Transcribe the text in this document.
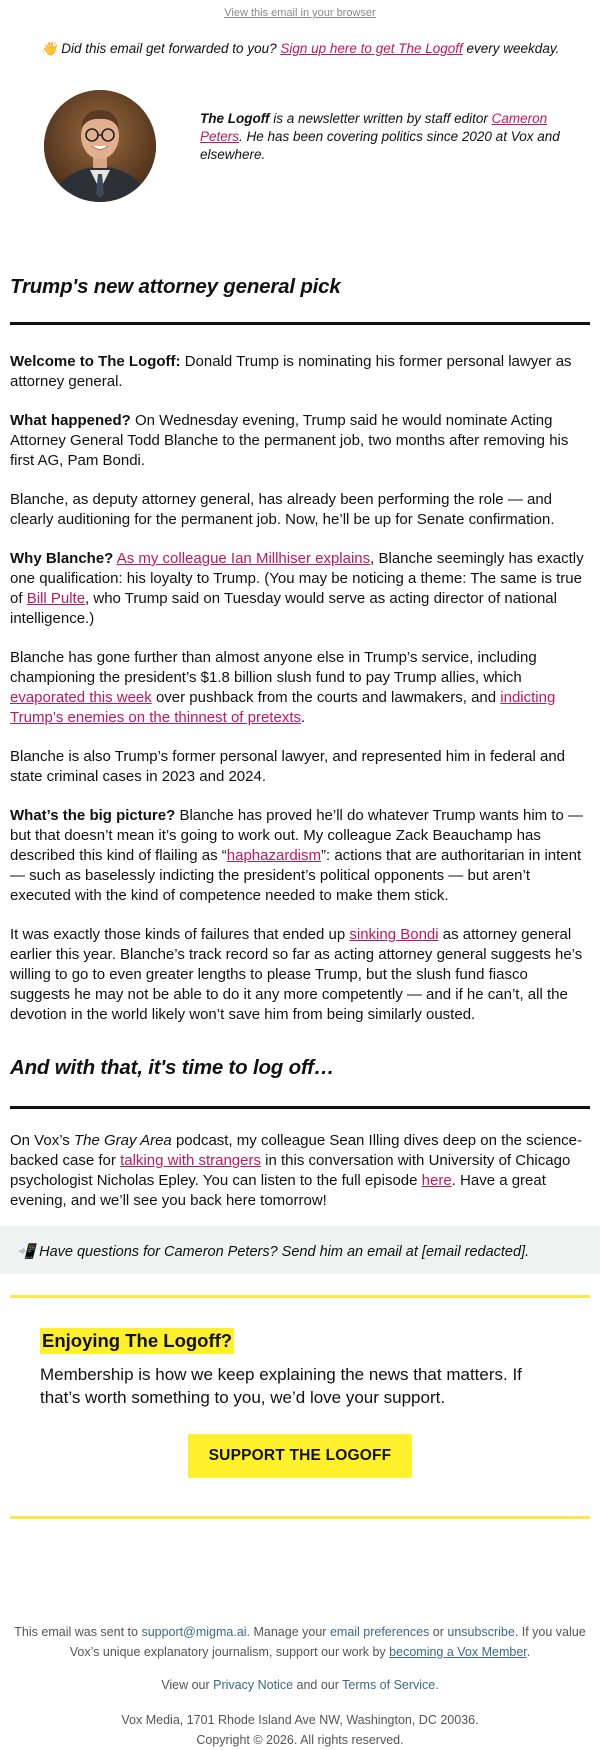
View this email in your browser
👋 Did this email get forwarded to you? Sign up here to get The Logoff every weekday.
The Logoff is a newsletter written by staff editor Cameron Peters. He has been covering politics since 2020 at Vox and elsewhere.
Trump's new attorney general pick

Welcome to The Logoff: Donald Trump is nominating his former personal lawyer as attorney general.

What happened? On Wednesday evening, Trump said he would nominate Acting Attorney General Todd Blanche to the permanent job, two months after removing his first AG, Pam Bondi.

Blanche, as deputy attorney general, has already been performing the role — and clearly auditioning for the permanent job. Now, he’ll be up for Senate confirmation.

Why Blanche? As my colleague Ian Millhiser explains, Blanche seemingly has exactly one qualification: his loyalty to Trump. (You may be noticing a theme: The same is true of Bill Pulte, who Trump said on Tuesday would serve as acting director of national intelligence.)

Blanche has gone further than almost anyone else in Trump’s service, including championing the president’s $1.8 billion slush fund to pay Trump allies, which evaporated this week over pushback from the courts and lawmakers, and indicting Trump’s enemies on the thinnest of pretexts.

Blanche is also Trump’s former personal lawyer, and represented him in federal and state criminal cases in 2023 and 2024.

What’s the big picture? Blanche has proved he’ll do whatever Trump wants him to — but that doesn’t mean it’s going to work out. My colleague Zack Beauchamp has described this kind of flailing as “haphazardism”: actions that are authoritarian in intent — such as baselessly indicting the president’s political opponents — but aren’t executed with the kind of competence needed to make them stick.

It was exactly those kinds of failures that ended up sinking Bondi as attorney general earlier this year. Blanche’s track record so far as acting attorney general suggests he’s willing to go to even greater lengths to please Trump, but the slush fund fiasco suggests he may not be able to do it any more competently — and if he can’t, all the devotion in the world likely won’t save him from being similarly ousted.

And with that, it's time to log off…

On Vox’s The Gray Area podcast, my colleague Sean Illing dives deep on the science-backed case for talking with strangers in this conversation with University of Chicago psychologist Nicholas Epley. You can listen to the full episode here. Have a great evening, and we’ll see you back here tomorrow!

📲 Have questions for Cameron Peters? Send him an email at [email redacted].
Enjoying The Logoff?
Membership is how we keep explaining the news that matters. If that’s worth something to you, we’d love your support.
SUPPORT THE LOGOFF
This email was sent to support@migma.ai. Manage your email preferences or unsubscribe. If you value Vox’s unique explanatory journalism, support our work by becoming a Vox Member.
View our Privacy Notice and our Terms of Service.
Vox Media, 1701 Rhode Island Ave NW, Washington, DC 20036.
Copyright © 2026. All rights reserved.
